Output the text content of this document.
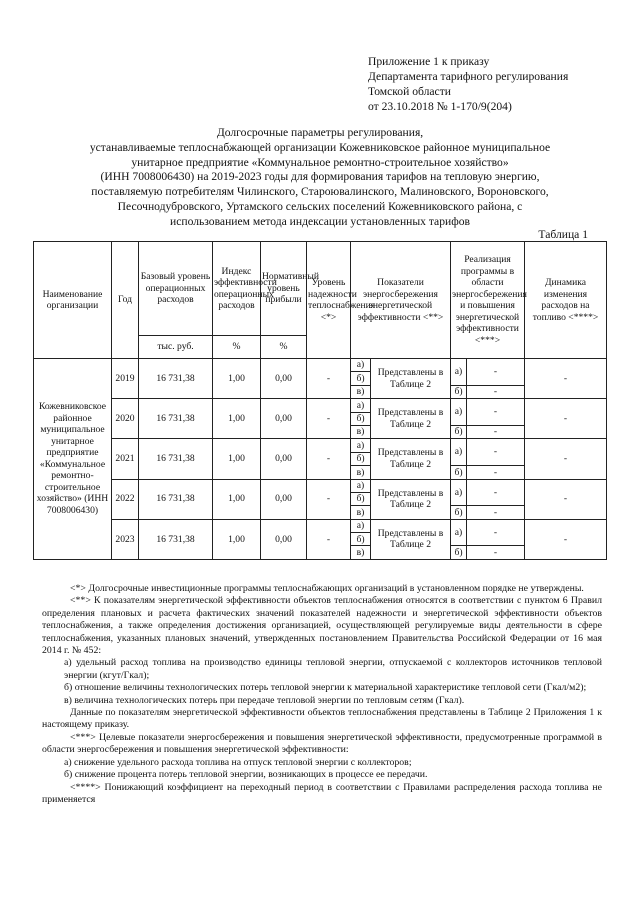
Приложение 1 к приказу
Департамента тарифного регулирования
Томской области
от 23.10.2018 № 1-170/9(204)
Долгосрочные параметры регулирования,
устанавливаемые теплоснабжающей организации Кожевниковское районное муниципальное
унитарное предприятие «Коммунальное ремонтно-строительное хозяйство»
(ИНН 7008006430) на 2019-2023 годы для формирования тарифов на тепловую энергию,
поставляемую потребителям Чилинского, Староювалинского, Малиновского, Вороновского,
Песочнодубровского, Уртамского сельских поселений Кожевниковского района, с
использованием метода индексации установленных тарифов
Таблица 1
Наименование организации	Год	Базовый уровень операционных расходов	Индекс эффективности операционных расходов	Нормативный уровень прибыли	Уровень надежности теплоснабжения <*>	Показатели энергосбережения энергетической эффективности <**>		Реализация программы в области энергосбережения и повышения энергетической эффективности <***>		Динамика изменения расходов на топливо <****>
		тыс. руб.	%	%						
Кожевниковское районное муниципальное унитарное предприятие «Коммунальное ремонтно-строительное хозяйство» (ИНН 7008006430)	2019	16 731,38	1,00	0,00	-	а)	Представлены в Таблице 2	а)	-	-
						б)				
						в)		б)	-	
	2020	16 731,38	1,00	0,00	-	а)	Представлены в Таблице 2	а)	-	-
						б)				
						в)		б)	-	
	2021	16 731,38	1,00	0,00	-	а)	Представлены в Таблице 2	а)	-	-
						б)				
						в)		б)	-	
	2022	16 731,38	1,00	0,00	-	а)	Представлены в Таблице 2	а)	-	-
						б)				
						в)		б)	-	
	2023	16 731,38	1,00	0,00	-	а)	Представлены в Таблице 2	а)	-	-
						б)				
						в)		б)	-	

<*> Долгосрочные инвестиционные программы теплоснабжающих организаций в установленном порядке не утверждены.

<**> К показателям энергетической эффективности объектов теплоснабжения относятся в соответствии с пунктом 6 Правил определения плановых и расчета фактических значений показателей надежности и энергетической эффективности объектов теплоснабжения, а также определения достижения организацией, осуществляющей регулируемые виды деятельности в сфере теплоснабжения, указанных плановых значений, утвержденных постановлением Правительства Российской Федерации от 16 мая 2014 г. № 452:

а) удельный расход топлива на производство единицы тепловой энергии, отпускаемой с коллекторов источников тепловой энергии (кгут/Гкал);

б) отношение величины технологических потерь тепловой энергии к материальной характеристике тепловой сети (Гкал/м2);

в) величина технологических потерь при передаче тепловой энергии по тепловым сетям (Гкал).

Данные по показателям энергетической эффективности объектов теплоснабжения представлены в Таблице 2 Приложения 1 к настоящему приказу.

<***> Целевые показатели энергосбережения и повышения энергетической эффективности, предусмотренные программой в области энергосбережения и повышения энергетической эффективности:

а) снижение удельного расхода топлива на отпуск тепловой энергии с коллекторов;

б) снижение процента потерь тепловой энергии, возникающих в процессе ее передачи.

<****> Понижающий коэффициент на переходный период в соответствии с Правилами распределения расхода топлива не применяется
